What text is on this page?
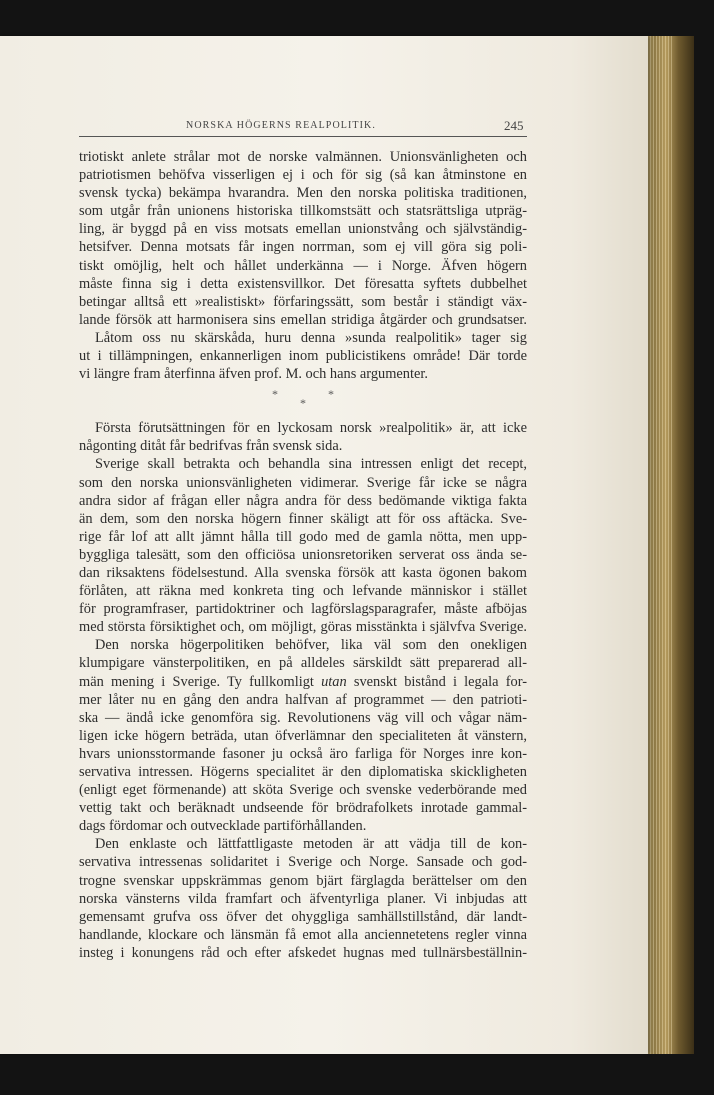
NORSKA HÖGERNS REALPOLITIK.	245
triotiskt anlete strålar mot de norske valmännen. Unionsvänligheten och
patriotismen behöfva visserligen ej i och för sig (så kan åtminstone en
svensk tycka) bekämpa hvarandra. Men den norska politiska traditionen,
som utgår från unionens historiska tillkomstsätt och statsrättsliga utpräg-
ling, är byggd på en viss motsats emellan unionstvång och självständig-
hetsifver. Denna motsats får ingen norrman, som ej vill göra sig poli-
tiskt omöjlig, helt och hållet underkänna — i Norge. Äfven högern
måste finna sig i detta existensvillkor. Det föresatta syftets dubbelhet
betingar alltså ett »realistiskt» förfaringssätt, som består i ständigt väx-
lande försök att harmonisera sins emellan stridiga åtgärder och grundsatser.
Låtom oss nu skärskåda, huru denna »sunda realpolitik» tager sig
ut i tillämpningen, enkannerligen inom publicistikens område! Där torde
vi längre fram återfinna äfven prof. M. och hans argumenter.
*
*
*
Första förutsättningen för en lyckosam norsk »realpolitik» är, att icke
någonting ditåt får bedrifvas från svensk sida.
Sverige skall betrakta och behandla sina intressen enligt det recept,
som den norska unionsvänligheten vidimerar. Sverige får icke se några
andra sidor af frågan eller några andra för dess bedömande viktiga fakta
än dem, som den norska högern finner skäligt att för oss aftäcka. Sve-
rige får lof att allt jämnt hålla till godo med de gamla nötta, men upp-
byggliga talesätt, som den officiösa unionsretoriken serverat oss ända se-
dan riksaktens födelsestund. Alla svenska försök att kasta ögonen bakom
förlåten, att räkna med konkreta ting och lefvande människor i stället
för programfraser, partidoktriner och lagförslagsparagrafer, måste afböjas
med största försiktighet och, om möjligt, göras misstänkta i självfva Sverige.
Den norska högerpolitiken behöfver, lika väl som den onekligen
klumpigare vänsterpolitiken, en på alldeles särskildt sätt preparerad all-
män mening i Sverige. Ty fullkomligt utan svenskt bistånd i legala for-
mer låter nu en gång den andra halfvan af programmet — den patrioti-
ska — ändå icke genomföra sig. Revolutionens väg vill och vågar näm-
ligen icke högern beträda, utan öfverlämnar den specialiteten åt vänstern,
hvars unionsstormande fasoner ju också äro farliga för Norges inre kon-
servativa intressen. Högerns specialitet är den diplomatiska skickligheten
(enligt eget förmenande) att sköta Sverige och svenske vederbörande med
vettig takt och beräknadt undseende för brödrafolkets inrotade gammal-
dags fördomar och outvecklade partiförhållanden.
Den enklaste och lättfattligaste metoden är att vädja till de kon-
servativa intressenas solidaritet i Sverige och Norge. Sansade och god-
trogne svenskar uppskrämmas genom bjärt färglagda berättelser om den
norska vänsterns vilda framfart och äfventyrliga planer. Vi inbjudas att
gemensamt grufva oss öfver det ohyggliga samhällstillstånd, där landt-
handlande, klockare och länsmän få emot alla anciennetetens regler vinna
insteg i konungens råd och efter afskedet hugnas med tullnärsbeställnin-
